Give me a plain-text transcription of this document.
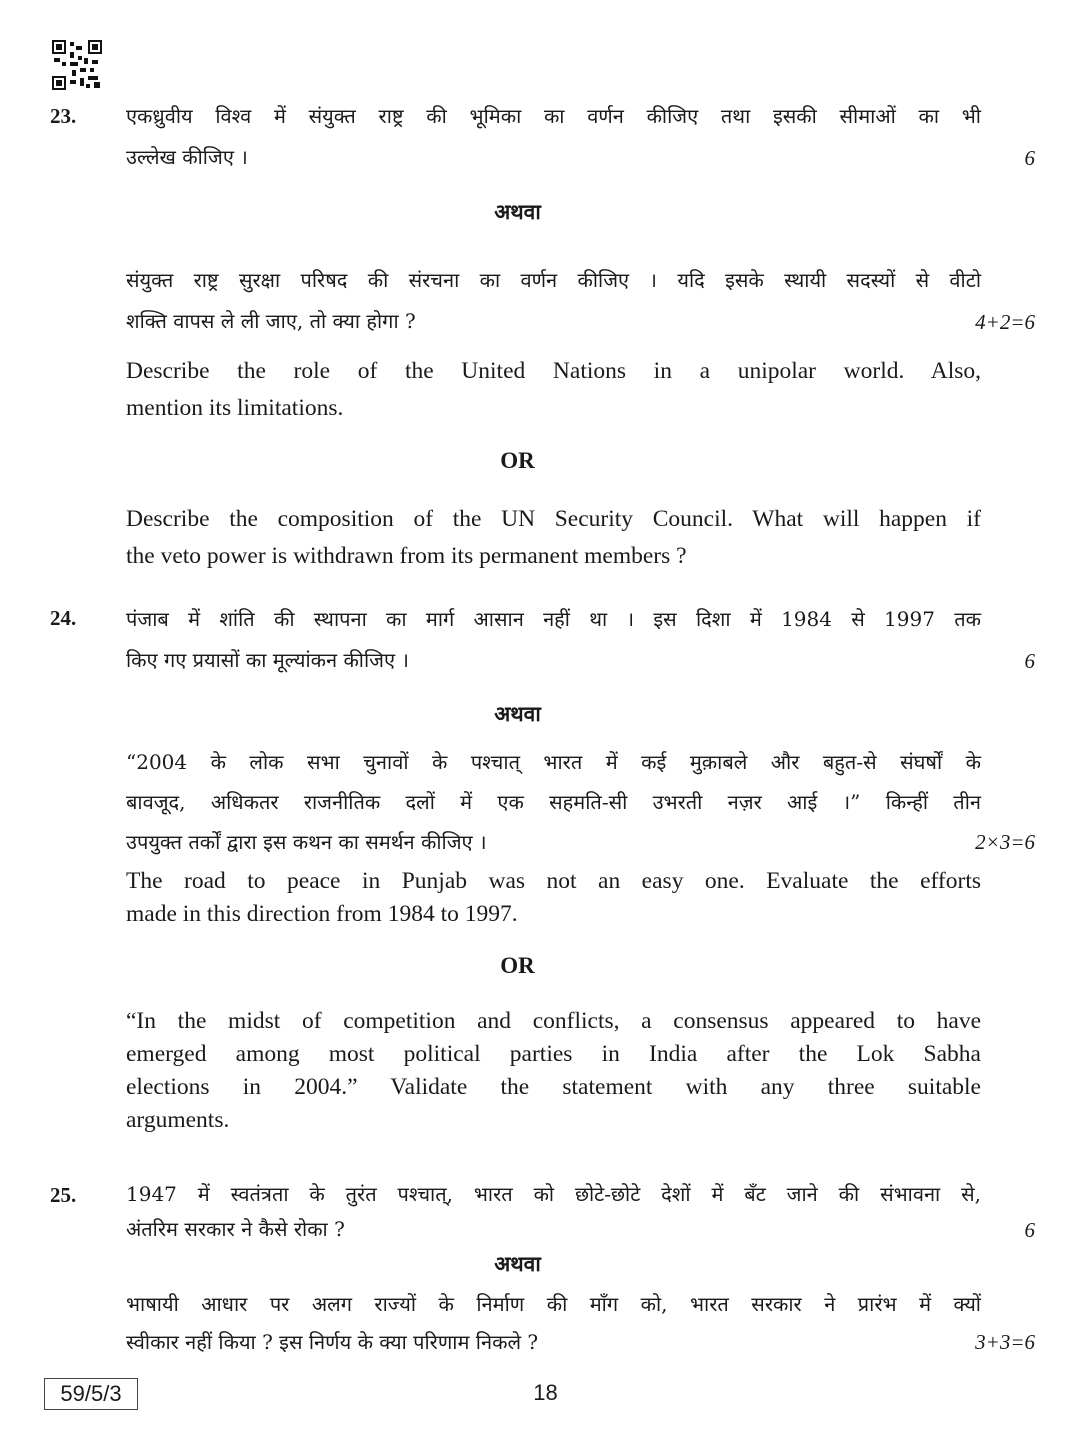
23. एकध्रुवीय विश्व में संयुक्त राष्ट्र की भूमिका का वर्णन कीजिए तथा इसकी सीमाओं का भी
उल्लेख कीजिए ।	6
अथवा
संयुक्त राष्ट्र सुरक्षा परिषद की संरचना का वर्णन कीजिए । यदि इसके स्थायी सदस्यों से वीटो
शक्ति वापस ले ली जाए, तो क्या होगा ?	4+2=6
Describe the role of the United Nations in a unipolar world. Also,
mention its limitations.
OR
Describe the composition of the UN Security Council. What will happen if
the veto power is withdrawn from its permanent members ?
24. पंजाब में शांति की स्थापना का मार्ग आसान नहीं था । इस दिशा में 1984 से 1997 तक
किए गए प्रयासों का मूल्यांकन कीजिए ।	6
अथवा
“2004 के लोक सभा चुनावों के पश्चात् भारत में कई मुक़ाबले और बहुत-से संघर्षों के
बावजूद, अधिकतर राजनीतिक दलों में एक सहमति-सी उभरती नज़र आई ।” किन्हीं तीन
उपयुक्त तर्कों द्वारा इस कथन का समर्थन कीजिए ।	2×3=6
The road to peace in Punjab was not an easy one. Evaluate the efforts
made in this direction from 1984 to 1997.
OR
“In the midst of competition and conflicts, a consensus appeared to have
emerged among most political parties in India after the Lok Sabha
elections in 2004.” Validate the statement with any three suitable
arguments.
25. 1947 में स्वतंत्रता के तुरंत पश्चात्, भारत को छोटे-छोटे देशों में बँट जाने की संभावना से,
अंतरिम सरकार ने कैसे रोका ?	6
अथवा
भाषायी आधार पर अलग राज्यों के निर्माण की माँग को, भारत सरकार ने प्रारंभ में क्यों
स्वीकार नहीं किया ? इस निर्णय के क्या परिणाम निकले ?	3+3=6
59/5/3	18
